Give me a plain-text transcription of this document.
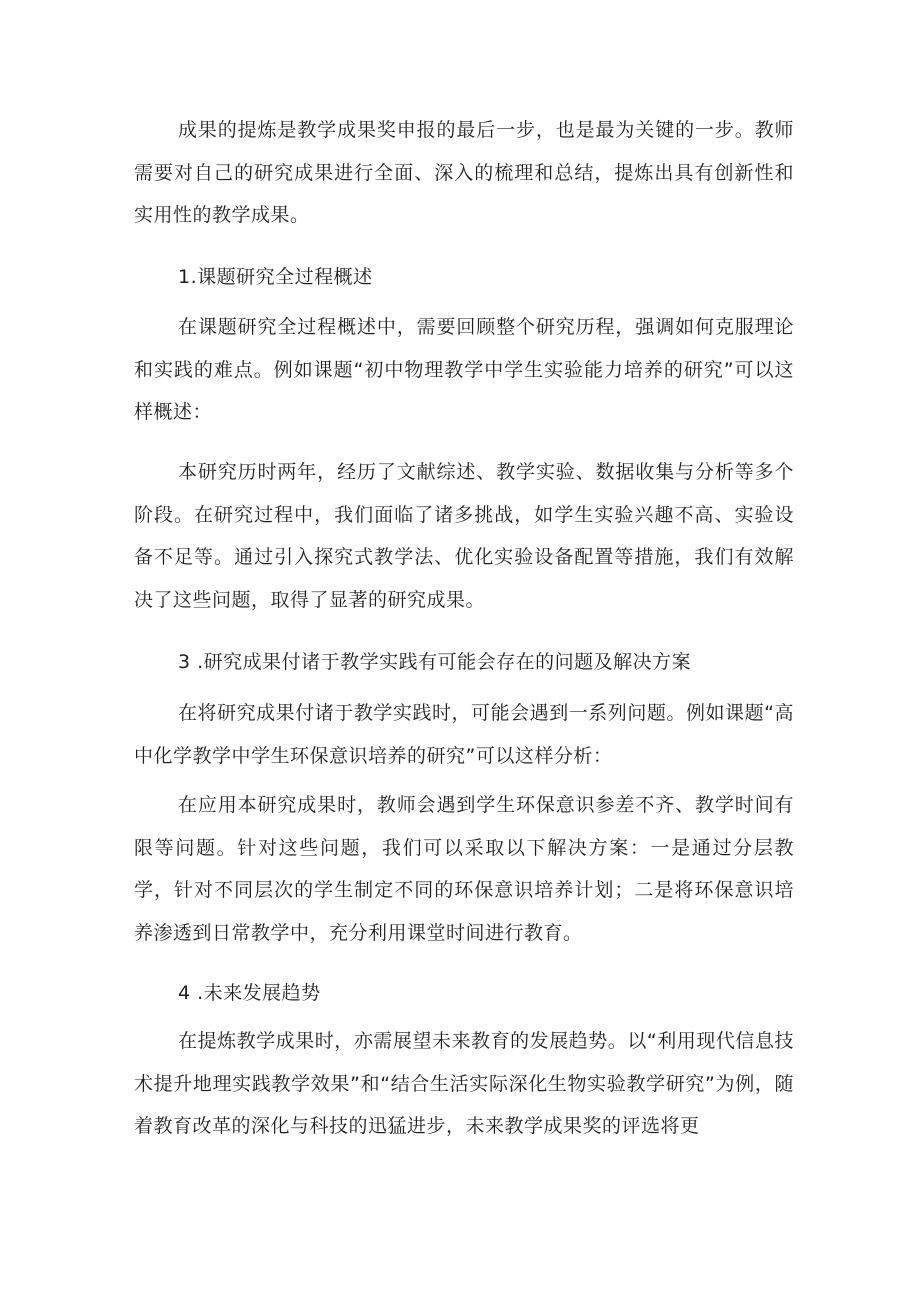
成果的提炼是教学成果奖申报的最后一步，也是最为关键的一步。教师需要对自己的研究成果进行全面、深入的梳理和总结，提炼出具有创新性和实用性的教学成果。

1.课题研究全过程概述

在课题研究全过程概述中，需要回顾整个研究历程，强调如何克服理论和实践的难点。例如课题“初中物理教学中学生实验能力培养的研究”可以这样概述：

本研究历时两年，经历了文献综述、教学实验、数据收集与分析等多个阶段。在研究过程中，我们面临了诸多挑战，如学生实验兴趣不高、实验设备不足等。通过引入探究式教学法、优化实验设备配置等措施，我们有效解决了这些问题，取得了显著的研究成果。

3 .研究成果付诸于教学实践有可能会存在的问题及解决方案

在将研究成果付诸于教学实践时，可能会遇到一系列问题。例如课题“高中化学教学中学生环保意识培养的研究”可以这样分析：

在应用本研究成果时，教师会遇到学生环保意识参差不齐、教学时间有限等问题。针对这些问题，我们可以采取以下解决方案：一是通过分层教学，针对不同层次的学生制定不同的环保意识培养计划；二是将环保意识培养渗透到日常教学中，充分利用课堂时间进行教育。

4 .未来发展趋势

在提炼教学成果时，亦需展望未来教育的发展趋势。以“利用现代信息技术提升地理实践教学效果”和“结合生活实际深化生物实验教学研究”为例，随着教育改革的深化与科技的迅猛进步，未来教学成果奖的评选将更
